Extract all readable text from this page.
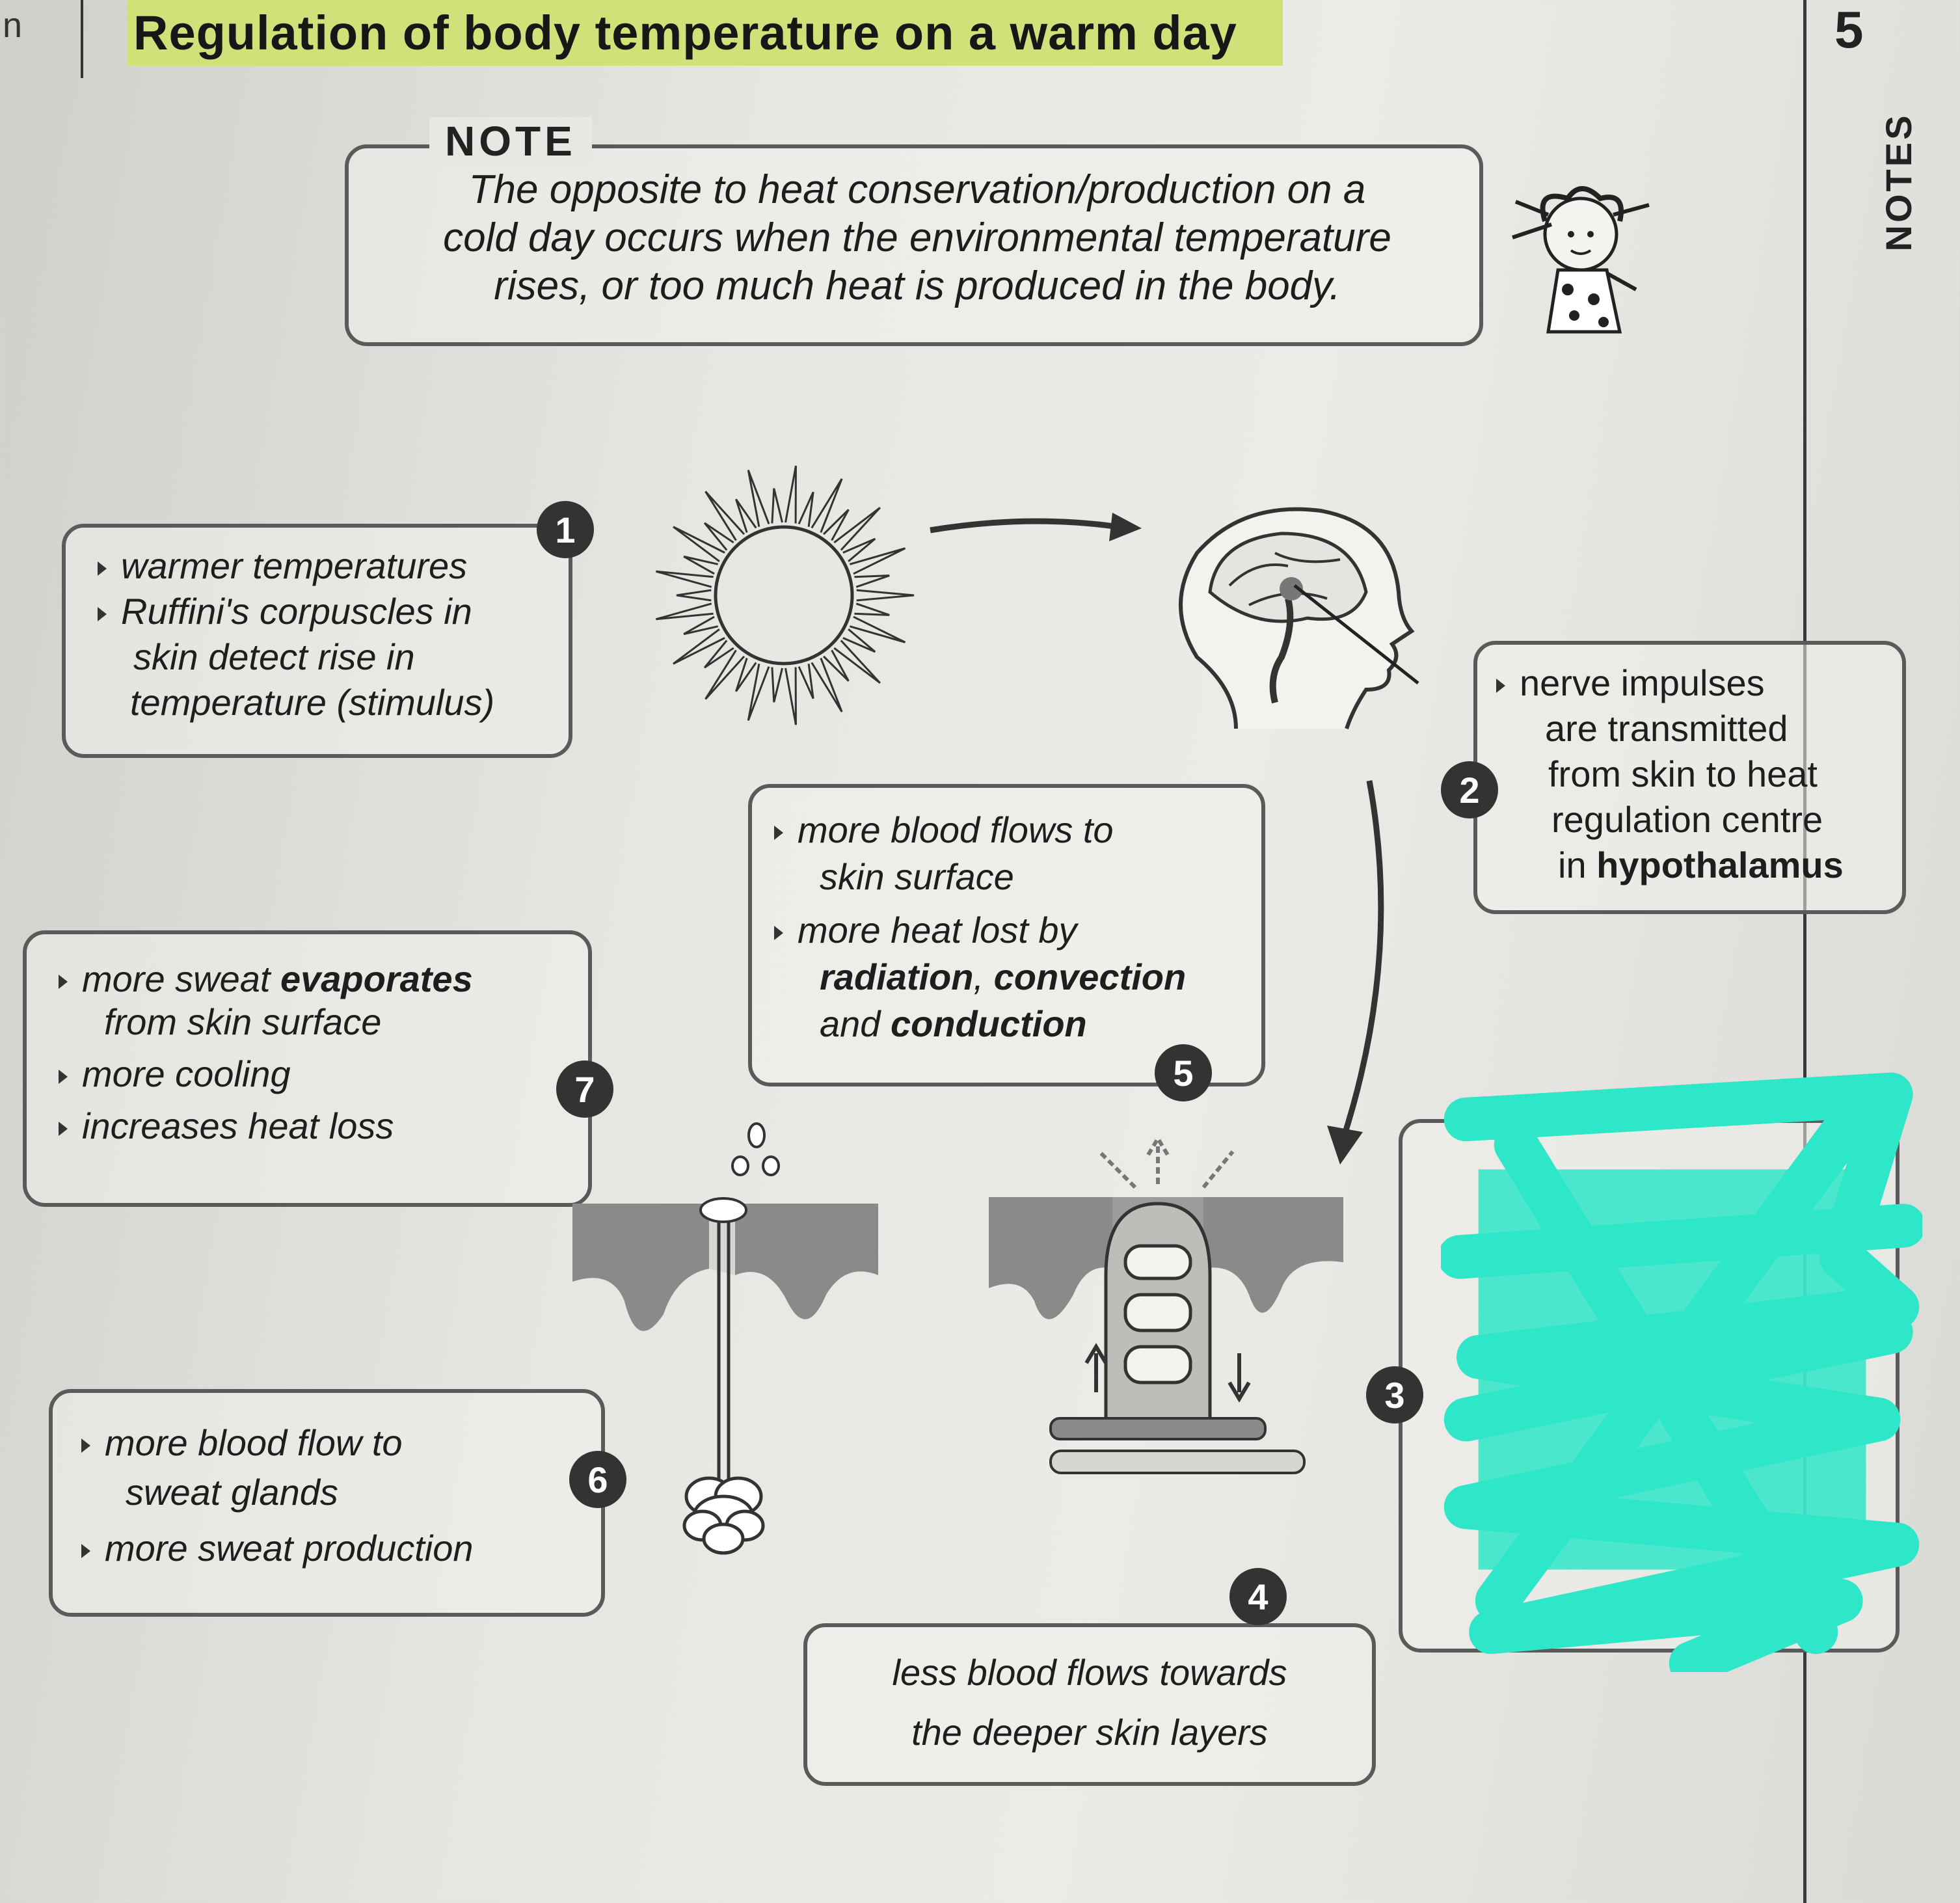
n Regulation of body temperature on a warm day	5
NOTES
NOTE
The opposite to heat conservation/production on a
cold day occurs when the environmental temperature
rises, or too much heat is produced in the body.
1
warmer temperatures
Ruffini's corpuscles in
skin detect rise in
temperature (stimulus)
2
nerve impulses
are transmitted
from skin to heat
regulation centre
in hypothalamus
5
more blood flows to
skin surface
more heat lost by
radiation, convection
and conduction
7
more sweat evaporates
from skin surface
more cooling
increases heat loss
6
more blood flow to
sweat glands
more sweat production
4
less blood flows towards
the deeper skin layers
3
